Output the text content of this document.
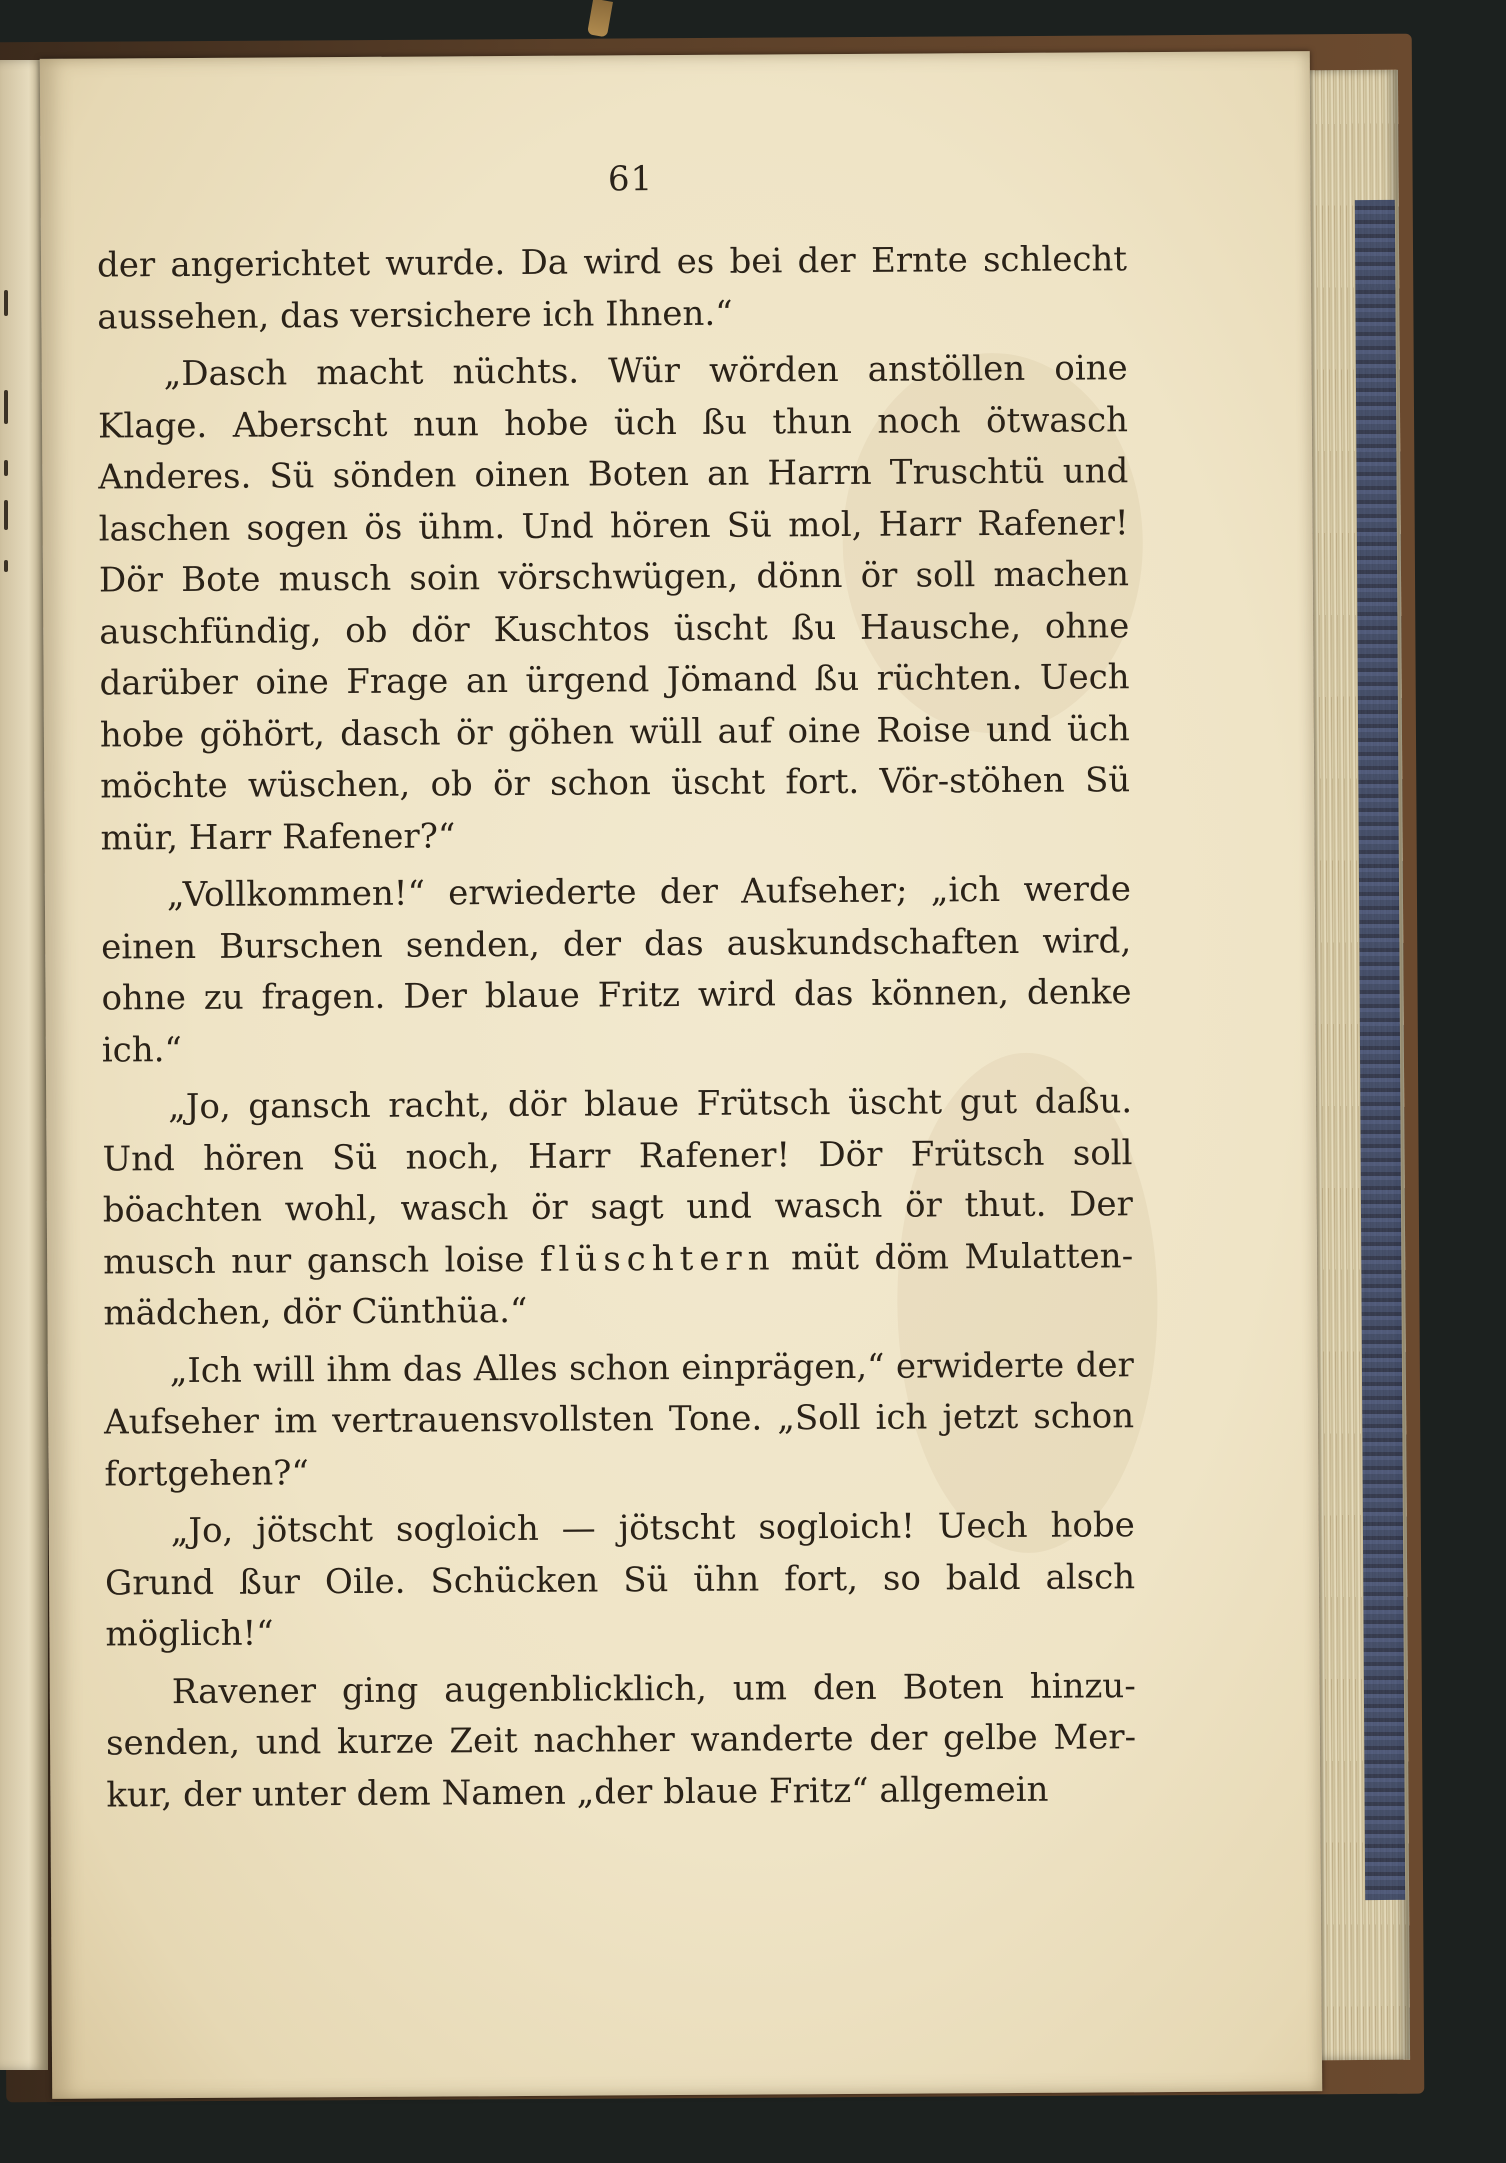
61

der angerichtet wurde. Da wird es bei der Ernte schlecht aussehen, das versichere ich Ihnen.“

„Dasch macht nüchts. Wür wörden anstöllen oine Klage. Aberscht nun hobe üch ßu thun noch ötwasch Anderes. Sü sönden oinen Boten an Harrn Truschtü und laschen sogen ös ühm. Und hören Sü mol, Harr Rafener! Dör Bote musch soin vörschwügen, dönn ör soll machen auschfündig, ob dör Kuschtos üscht ßu Hausche, ohne darüber oine Frage an ürgend Jömand ßu rüchten. Uech hobe göhört, dasch ör göhen wüll auf oine Roise und üch möchte wüschen, ob ör schon üscht fort. Vör-stöhen Sü mür, Harr Rafener?“

„Vollkommen!“ erwiederte der Aufseher; „ich werde einen Burschen senden, der das auskundschaften wird, ohne zu fragen. Der blaue Fritz wird das können, denke ich.“

„Jo, gansch racht, dör blaue Frütsch üscht gut daßu. Und hören Sü noch, Harr Rafener! Dör Frütsch soll böachten wohl, wasch ör sagt und wasch ör thut. Der musch nur gansch loise flüschtern müt döm Mulatten-mädchen, dör Cünthüa.“

„Ich will ihm das Alles schon einprägen,“ erwiderte der Aufseher im vertrauensvollsten Tone. „Soll ich jetzt schon fortgehen?“

„Jo, jötscht sogloich — jötscht sogloich! Uech hobe Grund ßur Oile. Schücken Sü ühn fort, so bald alsch möglich!“

Ravener ging augenblicklich, um den Boten hinzu-senden, und kurze Zeit nachher wanderte der gelbe Mer-kur, der unter dem Namen „der blaue Fritz“ allgemein
